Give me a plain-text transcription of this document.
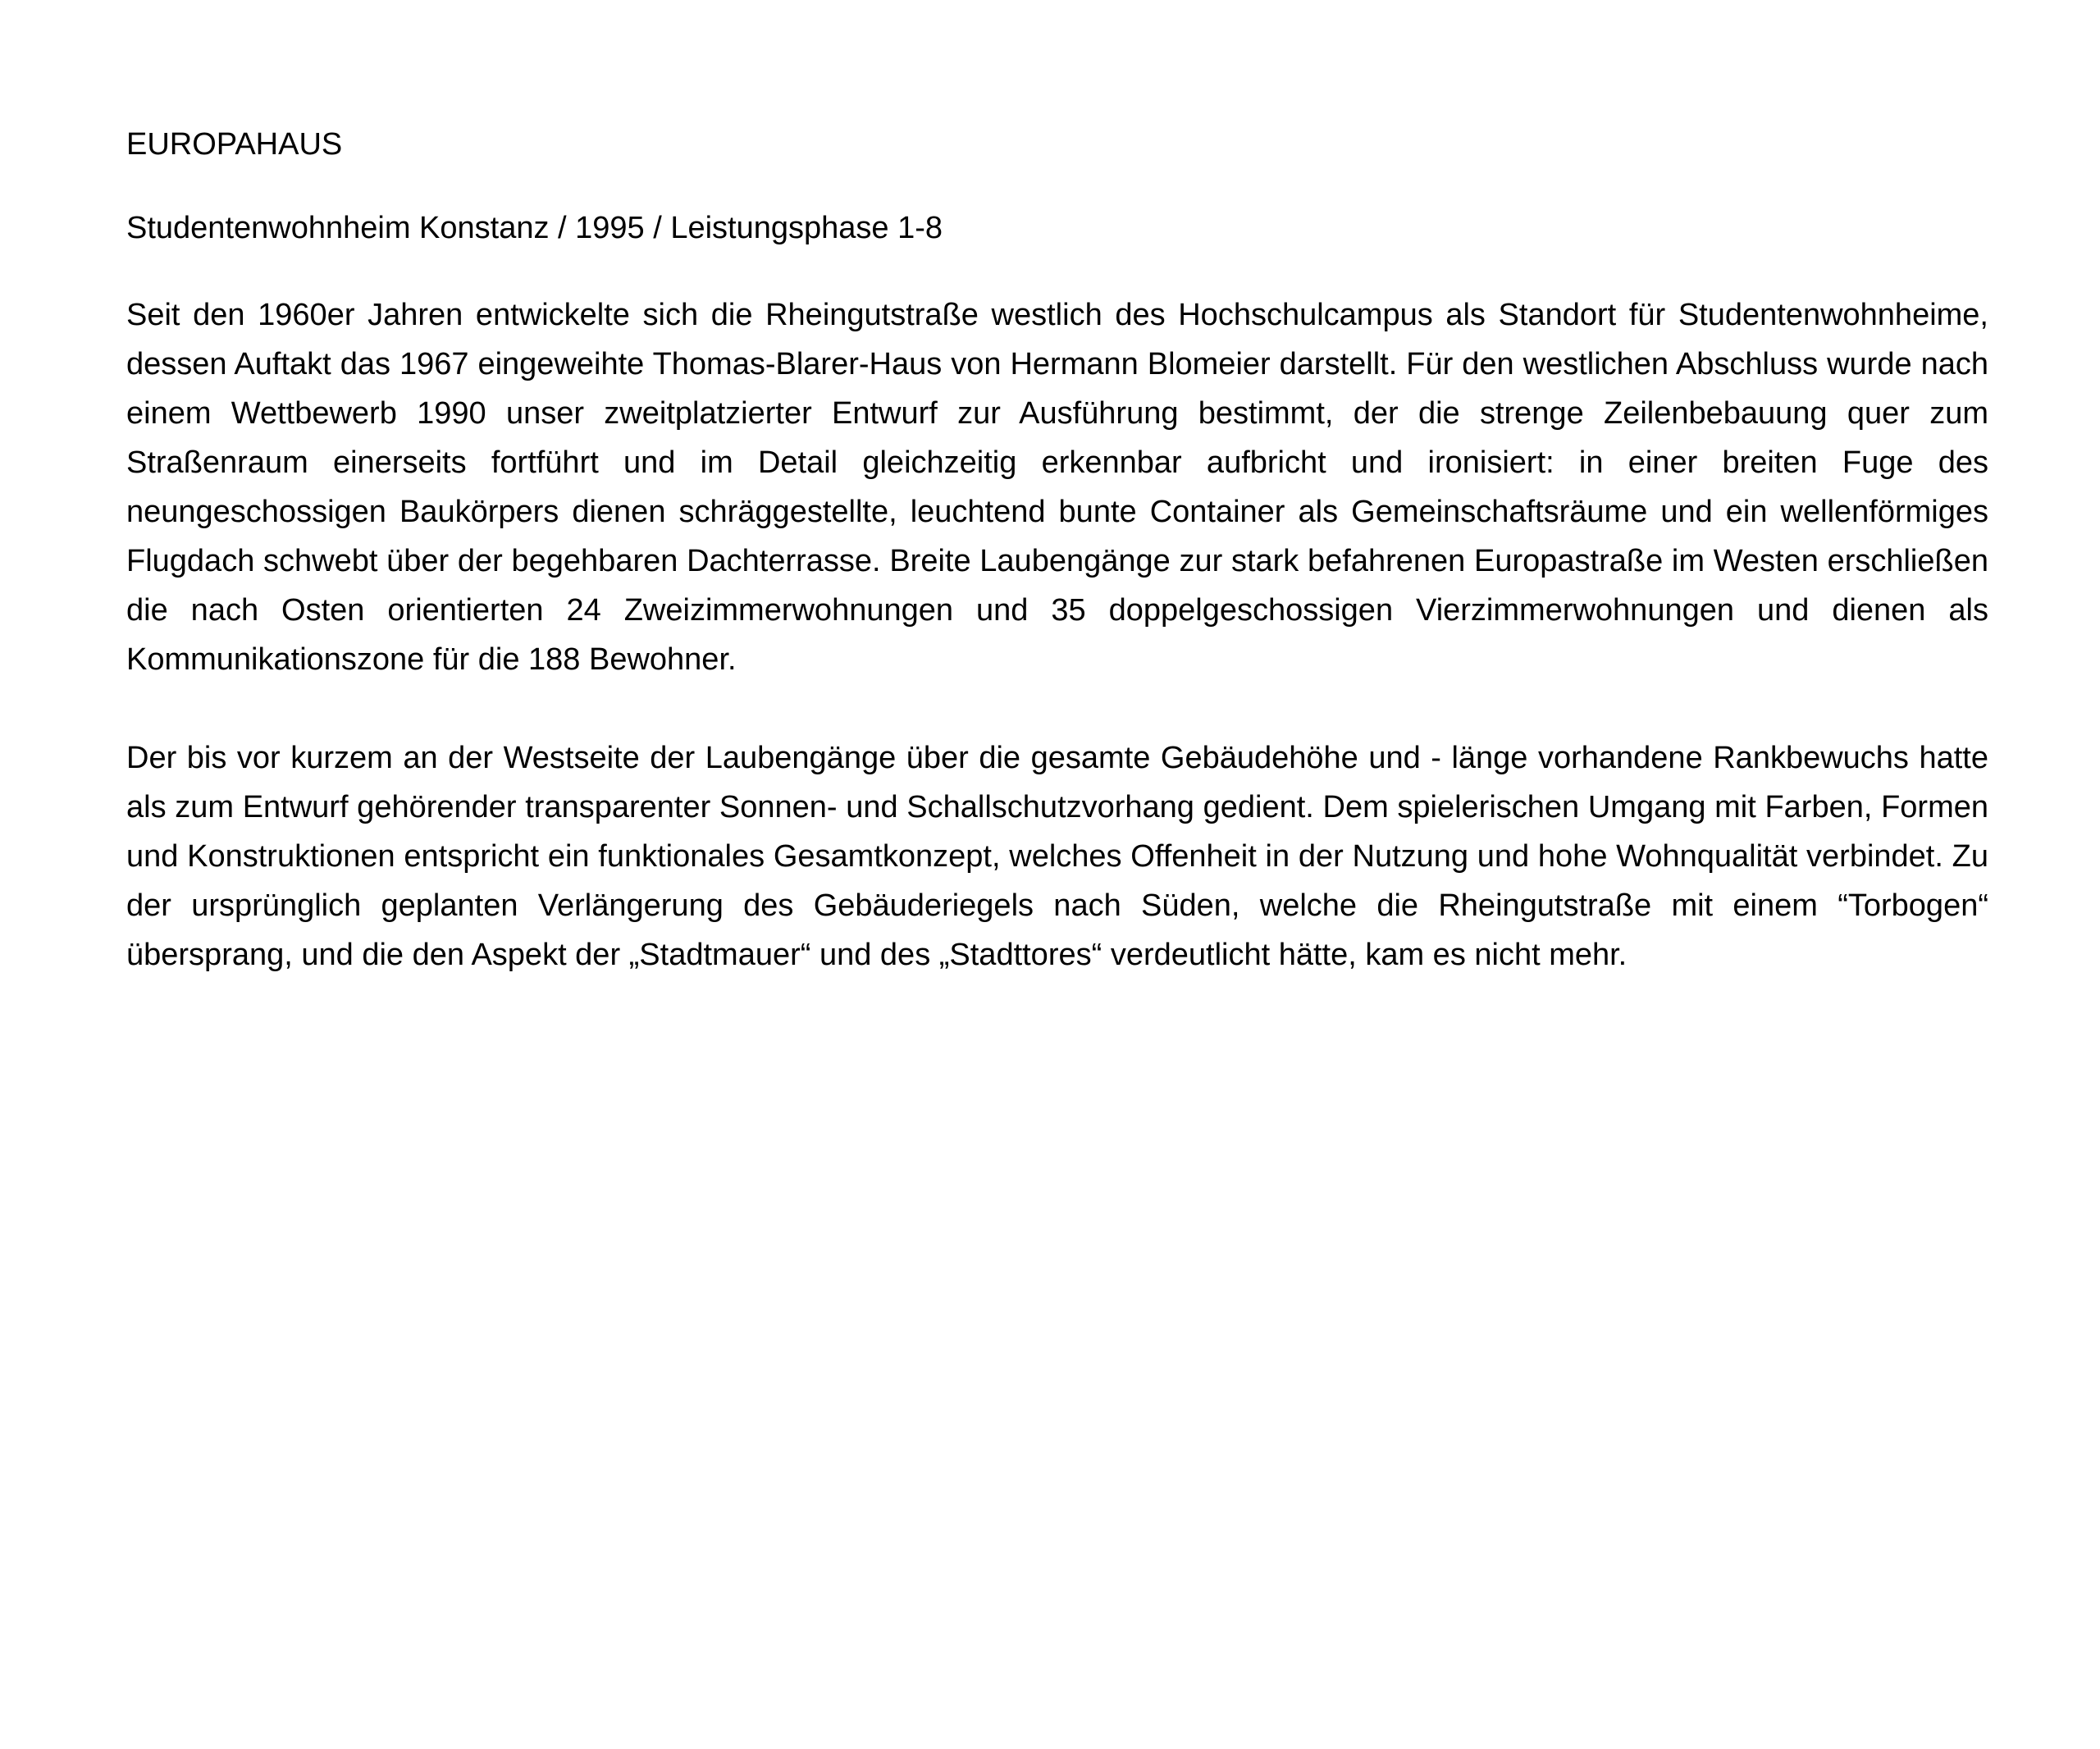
EUROPAHAUS
Studentenwohnheim Konstanz / 1995 / Leistungsphase 1-8

Seit den 1960er Jahren entwickelte sich die Rheingutstraße westlich des Hochschulcampus als Standort für Studentenwohnheime, dessen Auftakt das 1967 eingeweihte Thomas-Blarer-Haus von Hermann Blomeier darstellt. Für den westlichen Abschluss wurde nach einem Wettbewerb 1990 unser zweitplatzierter Entwurf zur Ausführung bestimmt, der die strenge Zeilenbebauung quer zum Straßenraum einerseits fortführt und im Detail gleichzeitig erkennbar aufbricht und ironisiert: in einer breiten Fuge des neungeschossigen Baukörpers dienen schräggestellte, leuchtend bunte Container als Gemeinschaftsräume und ein wellenförmiges Flugdach schwebt über der begehbaren Dachterrasse. Breite Laubengänge zur stark befahrenen Europastraße im Westen erschließen die nach Osten orientierten 24 Zweizimmerwohnungen und 35 doppelgeschossigen Vierzimmerwohnungen und dienen als Kommunikationszone für die 188 Bewohner.

Der bis vor kurzem an der Westseite der Laubengänge über die gesamte Gebäudehöhe und - länge vorhandene Rankbewuchs hatte als zum Entwurf gehörender transparenter Sonnen- und Schallschutzvorhang gedient. Dem spielerischen Umgang mit Farben, Formen und Konstruktionen entspricht ein funktionales Gesamtkonzept, welches Offenheit in der Nutzung und hohe Wohnqualität verbindet. Zu der ursprünglich geplanten Verlängerung des Gebäuderiegels nach Süden, welche die Rheingutstraße mit einem “Torbogen“ übersprang, und die den Aspekt der „Stadtmauer“ und des „Stadttores“ verdeutlicht hätte, kam es nicht mehr.
